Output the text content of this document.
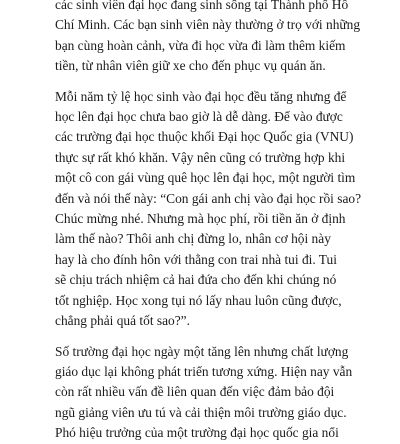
các sinh viên đại học đang sinh sống tại Thành phố Hồ
Chí Minh. Các bạn sinh viên này thường ở trọ với những
bạn cùng hoàn cảnh, vừa đi học vừa đi làm thêm kiếm
tiền, từ nhân viên giữ xe cho đến phục vụ quán ăn.

Mỗi năm tỷ lệ học sinh vào đại học đều tăng nhưng để
học lên đại học chưa bao giờ là dễ dàng. Để vào được
các trường đại học thuộc khối Đại học Quốc gia (VNU)
thực sự rất khó khăn. Vậy nên cũng có trường hợp khi
một cô con gái vùng quê học lên đại học, một người tìm
đến và nói thế này: “Con gái anh chị vào đại học rồi sao?
Chúc mừng nhé. Nhưng mà học phí, rồi tiền ăn ở định
làm thế nào? Thôi anh chị đừng lo, nhân cơ hội này
hay là cho đính hôn với thằng con trai nhà tui đi. Tui
sẽ chịu trách nhiệm cả hai đứa cho đến khi chúng nó
tốt nghiệp. Học xong tụi nó lấy nhau luôn cũng được,
chẳng phải quá tốt sao?”.

Số trường đại học ngày một tăng lên nhưng chất lượng
giáo dục lại không phát triển tương xứng. Hiện nay vẫn
còn rất nhiều vấn đề liên quan đến việc đảm bảo đội
ngũ giảng viên ưu tú và cải thiện môi trường giáo dục.
Phó hiệu trưởng của một trường đại học quốc gia nổi
